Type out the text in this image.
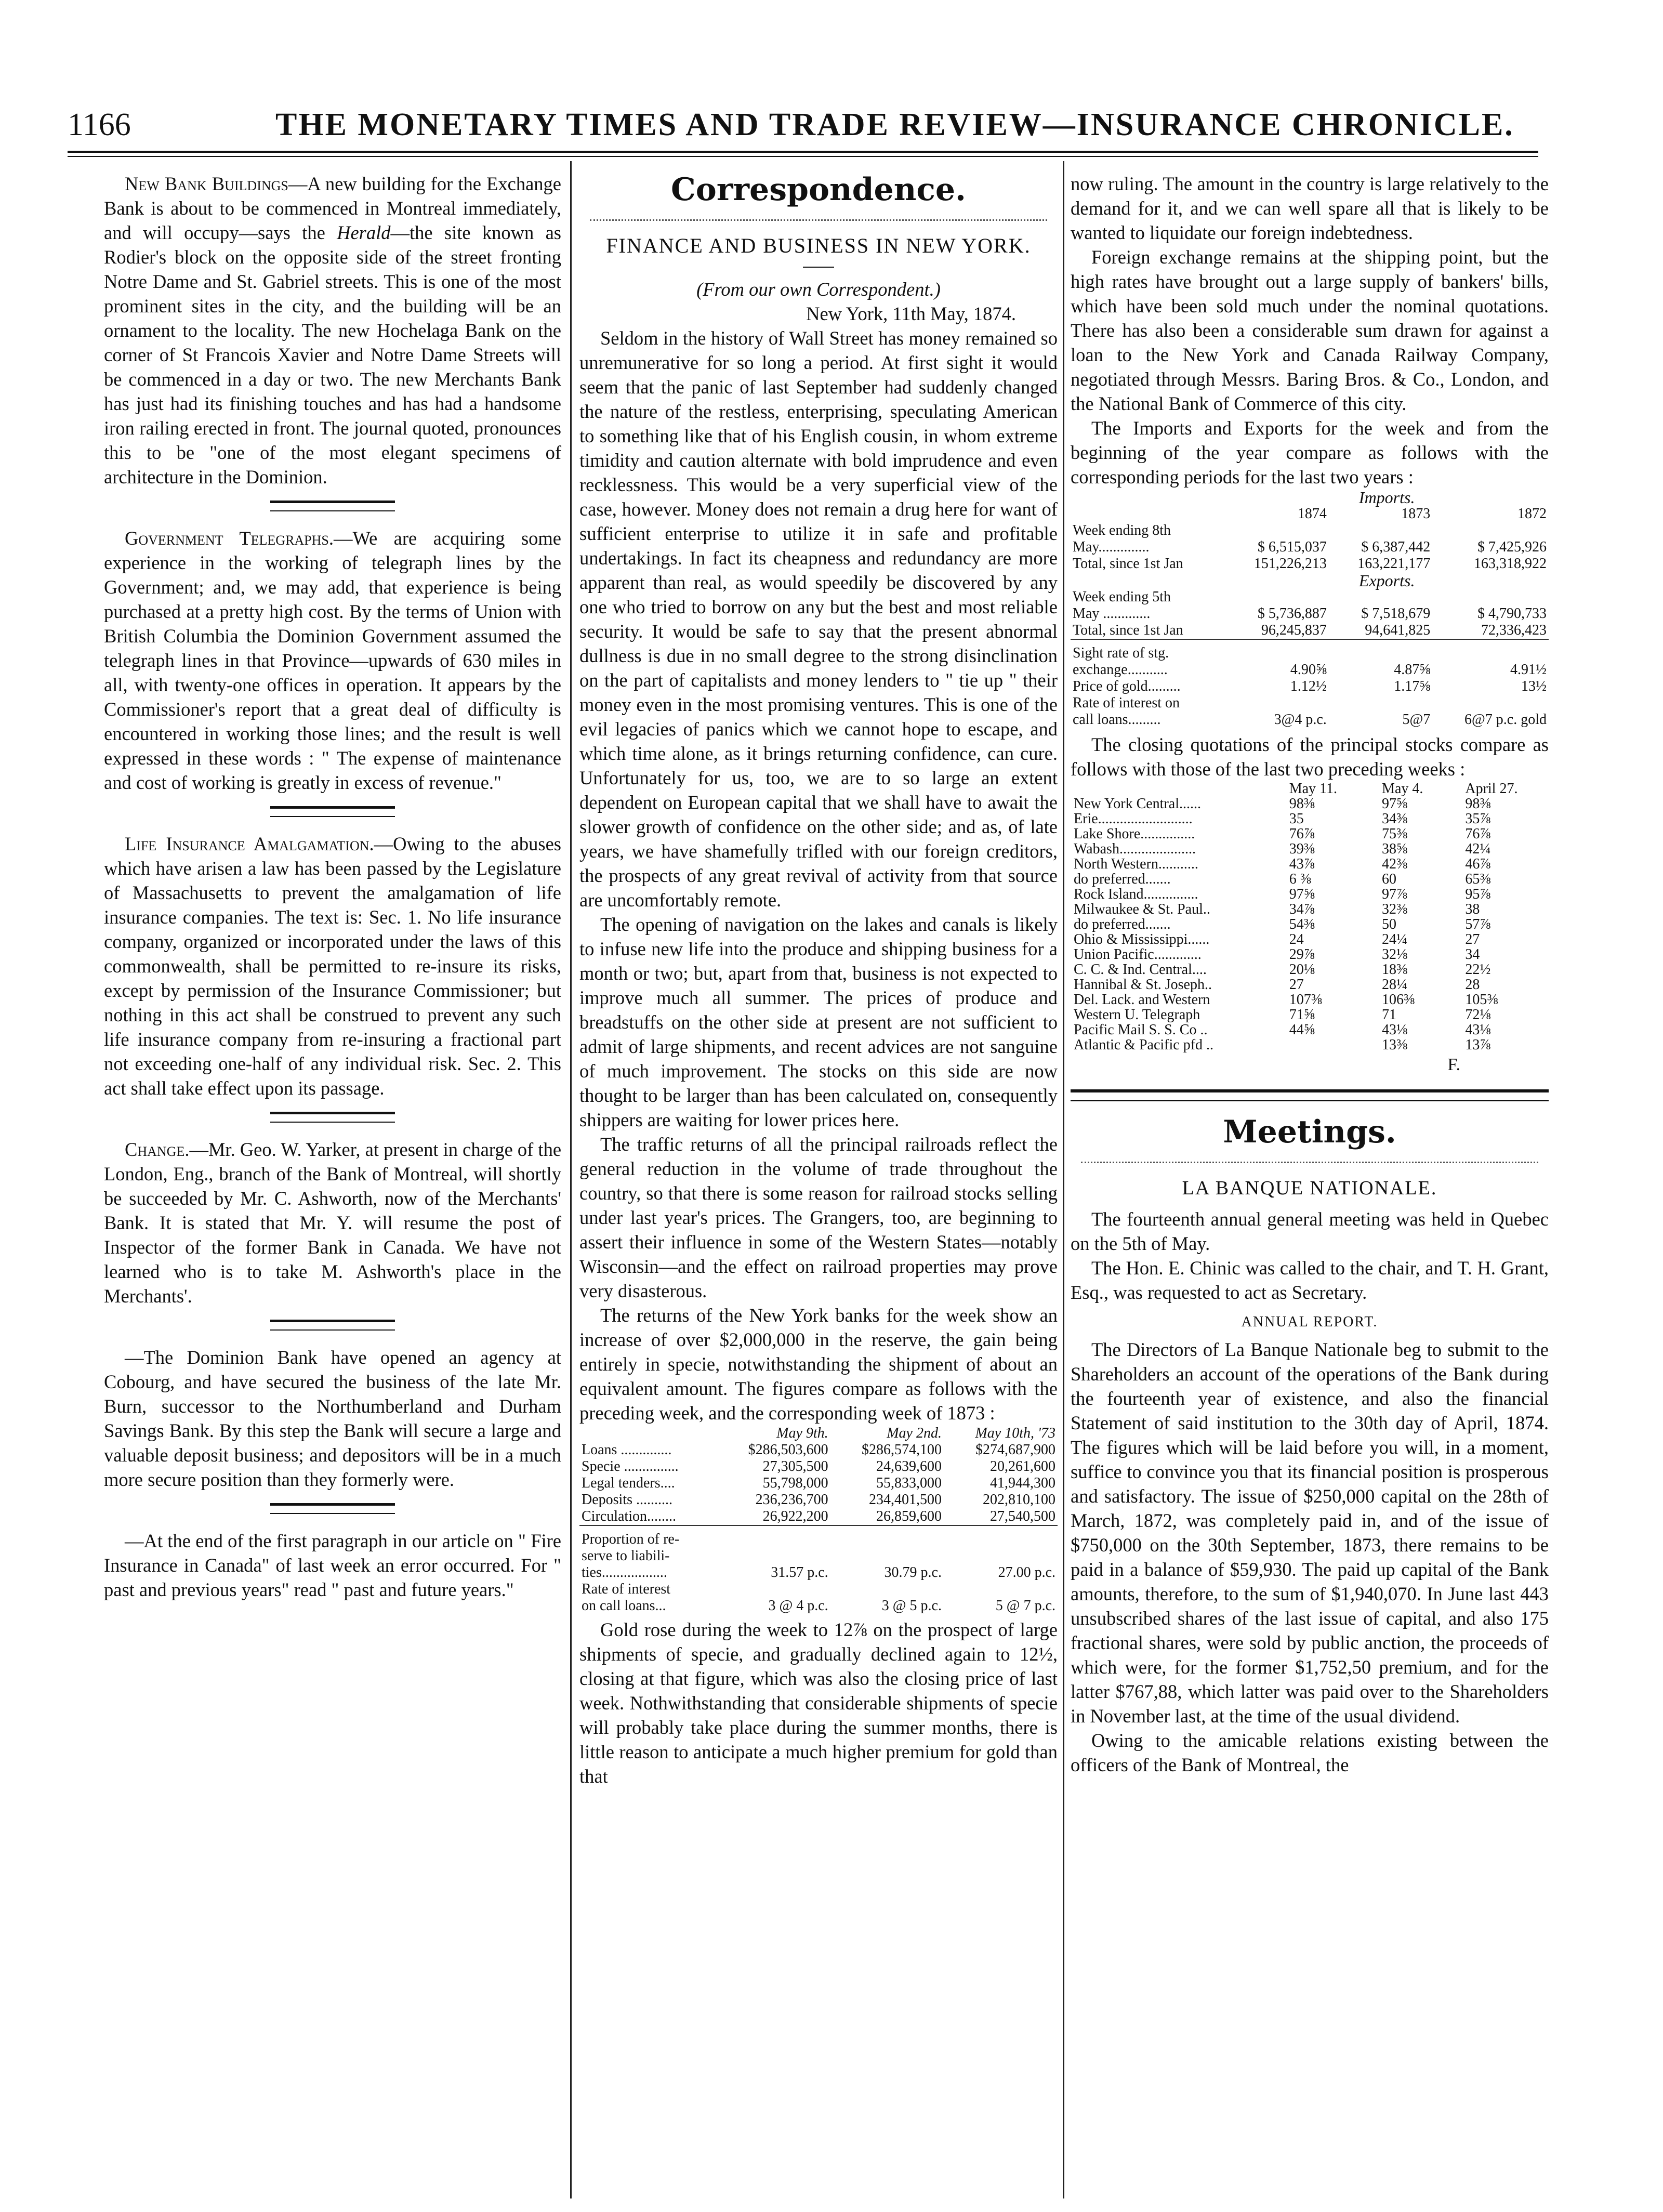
1166	THE MONETARY TIMES AND TRADE REVIEW—INSURANCE CHRONICLE.

New Bank Buildings—A new building for the Exchange Bank is about to be commenced in Montreal immediately, and will occupy—says the Herald—the site known as Rodier's block on the opposite side of the street fronting Notre Dame and St. Gabriel streets. This is one of the most prominent sites in the city, and the building will be an ornament to the locality. The new Hochelaga Bank on the corner of St Francois Xavier and Notre Dame Streets will be commenced in a day or two. The new Merchants Bank has just had its finishing touches and has had a handsome iron railing erected in front. The journal quoted, pronounces this to be "one of the most elegant specimens of architecture in the Dominion.

Government Telegraphs.—We are acquiring some experience in the working of telegraph lines by the Government; and, we may add, that experience is being purchased at a pretty high cost. By the terms of Union with British Columbia the Dominion Government assumed the telegraph lines in that Province—upwards of 630 miles in all, with twenty-one offices in operation. It appears by the Commissioner's report that a great deal of difficulty is encountered in working those lines; and the result is well expressed in these words : " The expense of maintenance and cost of working is greatly in excess of revenue."

Life Insurance Amalgamation.—Owing to the abuses which have arisen a law has been passed by the Legislature of Massachusetts to prevent the amalgamation of life insurance companies. The text is: Sec. 1. No life insurance company, organized or incorporated under the laws of this commonwealth, shall be permitted to re-insure its risks, except by permission of the Insurance Commissioner; but nothing in this act shall be construed to prevent any such life insurance company from re-insuring a fractional part not exceeding one-half of any individual risk. Sec. 2. This act shall take effect upon its passage.

Change.—Mr. Geo. W. Yarker, at present in charge of the London, Eng., branch of the Bank of Montreal, will shortly be succeeded by Mr. C. Ashworth, now of the Merchants' Bank. It is stated that Mr. Y. will resume the post of Inspector of the former Bank in Canada. We have not learned who is to take M. Ashworth's place in the Merchants'.

—The Dominion Bank have opened an agency at Cobourg, and have secured the business of the late Mr. Burn, successor to the Northumberland and Durham Savings Bank. By this step the Bank will secure a large and valuable deposit business; and depositors will be in a much more secure position than they formerly were.

—At the end of the first paragraph in our article on " Fire Insurance in Canada" of last week an error occurred. For " past and previous years" read " past and future years."

Correspondence.
FINANCE AND BUSINESS IN NEW YORK.
(From our own Correspondent.)
New York, 11th May, 1874.

Seldom in the history of Wall Street has money remained so unremunerative for so long a period. At first sight it would seem that the panic of last September had suddenly changed the nature of the restless, enterprising, speculating American to something like that of his English cousin, in whom extreme timidity and caution alternate with bold imprudence and even recklessness. This would be a very superficial view of the case, however. Money does not remain a drug here for want of sufficient enterprise to utilize it in safe and profitable undertakings. In fact its cheapness and redundancy are more apparent than real, as would speedily be discovered by any one who tried to borrow on any but the best and most reliable security. It would be safe to say that the present abnormal dullness is due in no small degree to the strong disinclination on the part of capitalists and money lenders to " tie up " their money even in the most promising ventures. This is one of the evil legacies of panics which we cannot hope to escape, and which time alone, as it brings returning confidence, can cure. Unfortunately for us, too, we are to so large an extent dependent on European capital that we shall have to await the slower growth of confidence on the other side; and as, of late years, we have shamefully trifled with our foreign creditors, the prospects of any great revival of activity from that source are uncomfortably remote.

The opening of navigation on the lakes and canals is likely to infuse new life into the produce and shipping business for a month or two; but, apart from that, business is not expected to improve much all summer. The prices of produce and breadstuffs on the other side at present are not sufficient to admit of large shipments, and recent advices are not sanguine of much improvement. The stocks on this side are now thought to be larger than has been calculated on, consequently shippers are waiting for lower prices here.

The traffic returns of all the principal railroads reflect the general reduction in the volume of trade throughout the country, so that there is some reason for railroad stocks selling under last year's prices. The Grangers, too, are beginning to assert their influence in some of the Western States—notably Wisconsin—and the effect on railroad properties may prove very disasterous.

The returns of the New York banks for the week show an increase of over $2,000,000 in the reserve, the gain being entirely in specie, notwithstanding the shipment of about an equivalent amount. The figures compare as follows with the preceding week, and the corresponding week of 1873 :

	May 9th.	May 2nd.	May 10th, '73
Loans ..............	$286,503,600	$286,574,100	$274,687,900
Specie ...............	27,305,500	24,639,600	20,261,600
Legal tenders....	55,798,000	55,833,000	41,944,300
Deposits ..........	236,236,700	234,401,500	202,810,100
Circulation........	26,922,200	26,859,600	27,540,500
Proportion of re-			
serve to liabili-			
ties..................	31.57 p.c.	30.79 p.c.	27.00 p.c.
Rate of interest			
on call loans...	3 @ 4 p.c.	3 @ 5 p.c.	5 @ 7 p.c.

Gold rose during the week to 12⅞ on the prospect of large shipments of specie, and gradually declined again to 12½, closing at that figure, which was also the closing price of last week. Nothwithstanding that considerable shipments of specie will probably take place during the summer months, there is little reason to anticipate a much higher premium for gold than that

now ruling. The amount in the country is large relatively to the demand for it, and we can well spare all that is likely to be wanted to liquidate our foreign indebtedness.

Foreign exchange remains at the shipping point, but the high rates have brought out a large supply of bankers' bills, which have been sold much under the nominal quotations. There has also been a considerable sum drawn for against a loan to the New York and Canada Railway Company, negotiated through Messrs. Baring Bros. & Co., London, and the National Bank of Commerce of this city.

The Imports and Exports for the week and from the beginning of the year compare as follows with the corresponding periods for the last two years :

	Imports.		
	1874	1873	1872
Week ending 8th			
May..............	$ 6,515,037	$ 6,387,442	$ 7,425,926
Total, since 1st Jan	151,226,213	163,221,177	163,318,922
	Exports.		
Week ending 5th			
May .............	$ 5,736,887	$ 7,518,679	$ 4,790,733
Total, since 1st Jan	96,245,837	94,641,825	72,336,423
Sight rate of stg.			
exchange...........	4.90⅝	4.87⅝	4.91½
Price of gold.........	1.12½	1.17⅝	13½
Rate of interest on			
call loans.........	3@4 p.c.	5@7	6@7 p.c. gold

The closing quotations of the principal stocks compare as follows with those of the last two preceding weeks :

	May 11.	May 4.	April 27.
New York Central......	98⅜	97⅝	98⅜
Erie..........................	35	34⅜	35⅞
Lake Shore...............	76⅞	75⅜	76⅞
Wabash.....................	39⅜	38⅝	42¼
North Western...........	43⅞	42⅜	46⅞
do preferred.......	6 ⅜	60	65⅜
Rock Island...............	97⅝	97⅞	95⅞
Milwaukee & St. Paul..	34⅞	32⅜	38
do preferred.......	54⅜	50	57⅞
Ohio & Mississippi......	24	24¼	27
Union Pacific.............	29⅞	32⅛	34
C. C. & Ind. Central....	20⅛	18⅜	22½
Hannibal & St. Joseph..	27	28¼	28
Del. Lack. and Western	107⅜	106⅜	105⅜
Western U. Telegraph	71⅝	71	72⅛
Pacific Mail S. S. Co ..	44⅝	43⅛	43⅛
Atlantic & Pacific pfd ..		13⅜	13⅞
F.
Meetings.
LA BANQUE NATIONALE.

The fourteenth annual general meeting was held in Quebec on the 5th of May.

The Hon. E. Chinic was called to the chair, and T. H. Grant, Esq., was requested to act as Secretary.

ANNUAL REPORT.

The Directors of La Banque Nationale beg to submit to the Shareholders an account of the operations of the Bank during the fourteenth year of existence, and also the financial Statement of said institution to the 30th day of April, 1874. The figures which will be laid before you will, in a moment, suffice to convince you that its financial position is prosperous and satisfactory. The issue of $250,000 capital on the 28th of March, 1872, was completely paid in, and of the issue of $750,000 on the 30th September, 1873, there remains to be paid in a balance of $59,930. The paid up capital of the Bank amounts, therefore, to the sum of $1,940,070. In June last 443 unsubscribed shares of the last issue of capital, and also 175 fractional shares, were sold by public anction, the proceeds of which were, for the former $1,752,50 premium, and for the latter $767,88, which latter was paid over to the Shareholders in November last, at the time of the usual dividend.

Owing to the amicable relations existing between the officers of the Bank of Montreal, the
